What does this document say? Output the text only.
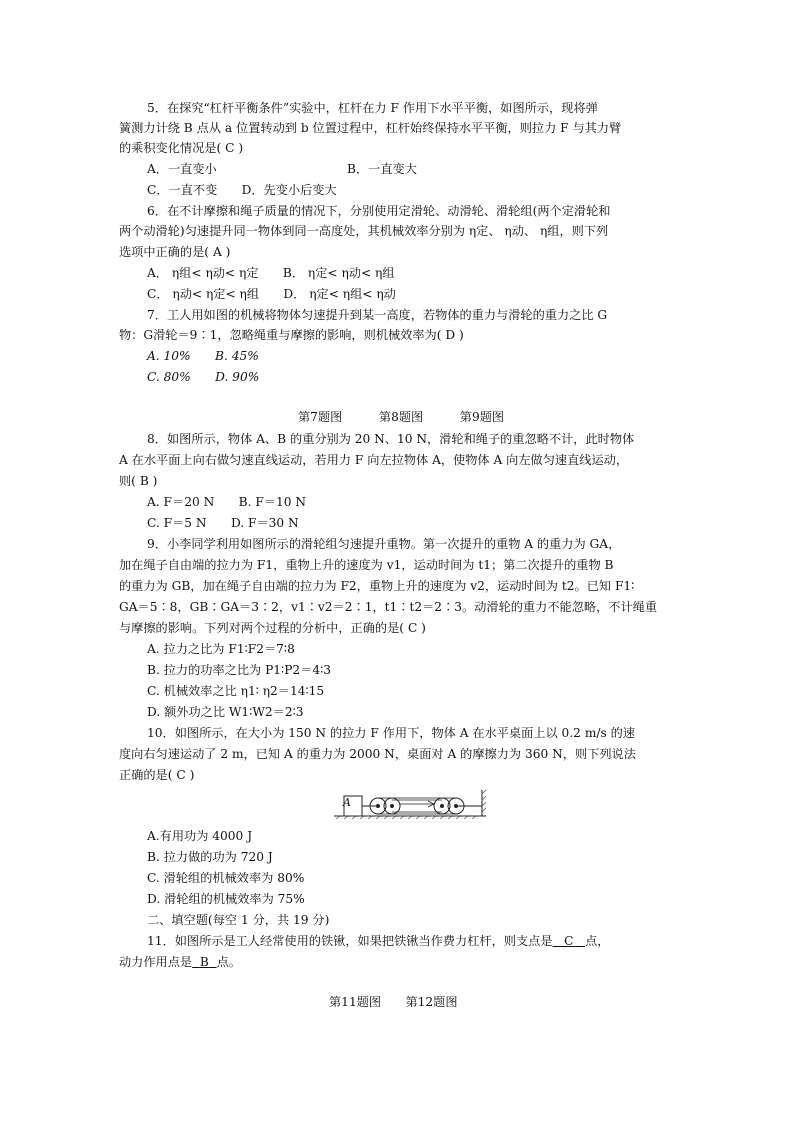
5．在探究“杠杆平衡条件”实验中，杠杆在力 F 作用下水平平衡，如图所示，现将弹
簧测力计绕 B 点从 a 位置转动到 b 位置过程中，杠杆始终保持水平平衡，则拉力 F 与其力臂
的乘积变化情况是( C )
A．一直变小	B．一直变大
C．一直不变　　D．先变小后变大
6．在不计摩擦和绳子质量的情况下，分别使用定滑轮、动滑轮、滑轮组(两个定滑轮和
两个动滑轮)匀速提升同一物体到同一高度处，其机械效率分别为 η定、 η动、 η组，则下列
选项中正确的是( A )
A． η组< η动< η定　　B． η定< η动< η组
C． η动< η定< η组　　D． η定< η组< η动
7．工人用如图的机械将物体匀速提升到某一高度，若物体的重力与滑轮的重力之比 G
物：G滑轮＝9∶1，忽略绳重与摩擦的影响，则机械效率为( D )
A. 10%　　B. 45%
C. 80%　　D. 90%
第7题图　　　第8题图　　　第9题图
8．如图所示，物体 A、B 的重分别为 20 N、10 N，滑轮和绳子的重忽略不计，此时物体
A 在水平面上向右做匀速直线运动，若用力 F 向左拉物体 A，使物体 A 向左做匀速直线运动，
则( B )
A. F＝20 N　　B. F＝10 N
C. F＝5 N　　D. F＝30 N
9．小李同学利用如图所示的滑轮组匀速提升重物。第一次提升的重物 A 的重力为 GA，
加在绳子自由端的拉力为 F1，重物上升的速度为 v1，运动时间为 t1；第二次提升的重物 B
的重力为 GB，加在绳子自由端的拉力为 F2，重物上升的速度为 v2，运动时间为 t2。已知 F1∶
GA＝5∶8，GB∶GA＝3∶2，v1∶v2＝2∶1，t1∶t2＝2∶3。动滑轮的重力不能忽略，不计绳重
与摩擦的影响。下列对两个过程的分析中，正确的是( C )
A. 拉力之比为 F1∶F2＝7∶8
B. 拉力的功率之比为 P1∶P2＝4∶3
C. 机械效率之比 η1∶ η2＝14∶15
D. 额外功之比 W1∶W2＝2∶3
10．如图所示，在大小为 150 N 的拉力 F 作用下，物体 A 在水平桌面上以 0.2 m/s 的速
度向右匀速运动了 2 m，已知 A 的重力为 2000 N，桌面对 A 的摩擦力为 360 N，则下列说法
正确的是( C )
A
A.有用功为 4000 J
B. 拉力做的功为 720 J
C. 滑轮组的机械效率为 80%
D. 滑轮组的机械效率为 75%
二、填空题(每空 1 分，共 19 分)
11．如图所示是工人经常使用的铁锹，如果把铁锹当作费力杠杆，则支点是 C 点，
动力作用点是 B 点。
第11题图　　第12题图
